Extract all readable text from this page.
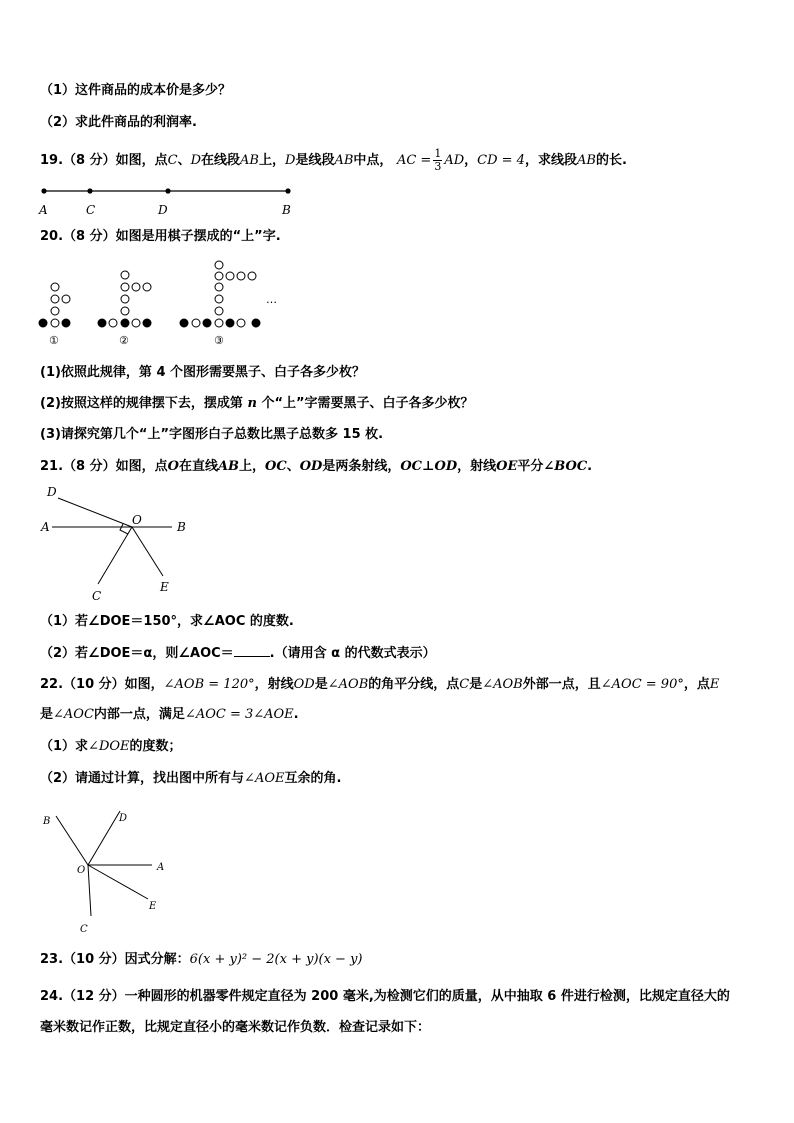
（1）这件商品的成本价是多少？
（2）求此件商品的利润率.
19.（8 分）如图，点C、D在线段AB上，D是线段AB中点， AC = $\frac{1}{3}$ AD，CD = 4，求线段AB的长.
A	C	D	B
20.（8 分）如图是用棋子摆成的“上”字.
…
①	②	③
(1)依照此规律，第 4 个图形需要黑子、白子各多少枚？
(2)按照这样的规律摆下去，摆成第 n 个“上”字需要黑子、白子各多少枚？
(3)请探究第几个“上”字图形白子总数比黑子总数多 15 枚.
21.（8 分）如图，点O在直线AB上，OC、OD是两条射线，OC⊥OD，射线OE平分∠BOC.
D
A	O	B
C
E
（1）若∠DOE＝150°，求∠AOC 的度数.
（2）若∠DOE＝α，则∠AOC＝	.（请用含 α 的代数式表示）
22.（10 分）如图，∠AOB = 120°，射线OD是∠AOB的角平分线，点C是∠AOB外部一点，且∠AOC = 90°，点E
是∠AOC内部一点，满足∠AOC = 3∠AOE.
（1）求∠DOE的度数；
（2）请通过计算，找出图中所有与∠AOE互余的角.
B	D
O	A
E
C
23.（10 分）因式分解：6(x + y)² − 2(x + y)(x − y)
24.（12 分）一种圆形的机器零件规定直径为 200 毫米,为检测它们的质量，从中抽取 6 件进行检测，比规定直径大的
毫米数记作正数，比规定直径小的毫米数记作负数．检查记录如下：
